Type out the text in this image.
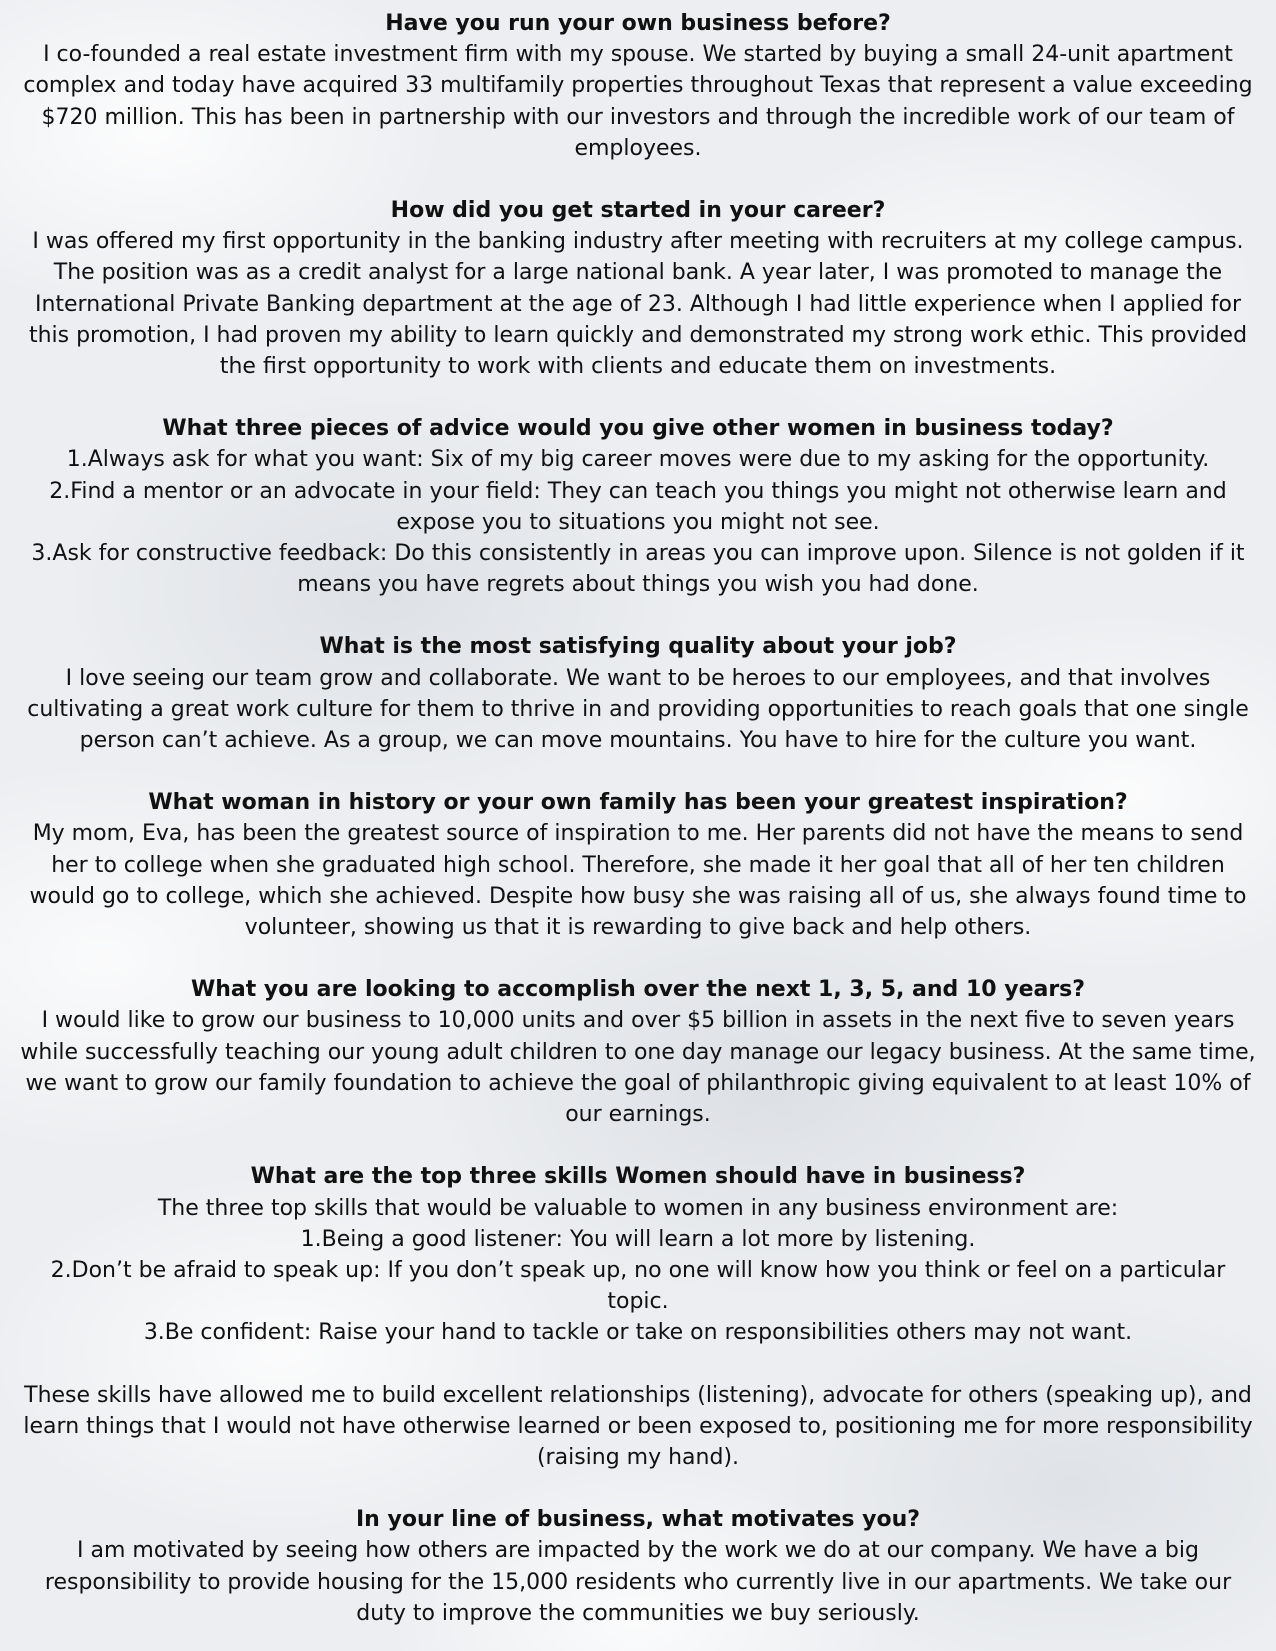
Have you run your own business before?
I co-founded a real estate investment firm with my spouse. We started by buying a small 24-unit apartment
complex and today have acquired 33 multifamily properties throughout Texas that represent a value exceeding
$720 million. This has been in partnership with our investors and through the incredible work of our team of
employees.
How did you get started in your career?
I was offered my first opportunity in the banking industry after meeting with recruiters at my college campus.
The position was as a credit analyst for a large national bank. A year later, I was promoted to manage the
International Private Banking department at the age of 23. Although I had little experience when I applied for
this promotion, I had proven my ability to learn quickly and demonstrated my strong work ethic. This provided
the first opportunity to work with clients and educate them on investments.
What three pieces of advice would you give other women in business today?
1.Always ask for what you want: Six of my big career moves were due to my asking for the opportunity.
2.Find a mentor or an advocate in your field: They can teach you things you might not otherwise learn and
expose you to situations you might not see.
3.Ask for constructive feedback: Do this consistently in areas you can improve upon. Silence is not golden if it
means you have regrets about things you wish you had done.
What is the most satisfying quality about your job?
I love seeing our team grow and collaborate. We want to be heroes to our employees, and that involves
cultivating a great work culture for them to thrive in and providing opportunities to reach goals that one single
person can’t achieve. As a group, we can move mountains. You have to hire for the culture you want.
What woman in history or your own family has been your greatest inspiration?
My mom, Eva, has been the greatest source of inspiration to me. Her parents did not have the means to send
her to college when she graduated high school. Therefore, she made it her goal that all of her ten children
would go to college, which she achieved. Despite how busy she was raising all of us, she always found time to
volunteer, showing us that it is rewarding to give back and help others.
What you are looking to accomplish over the next 1, 3, 5, and 10 years?
I would like to grow our business to 10,000 units and over $5 billion in assets in the next five to seven years
while successfully teaching our young adult children to one day manage our legacy business. At the same time,
we want to grow our family foundation to achieve the goal of philanthropic giving equivalent to at least 10% of
our earnings.
What are the top three skills Women should have in business?
The three top skills that would be valuable to women in any business environment are:
1.Being a good listener: You will learn a lot more by listening.
2.Don’t be afraid to speak up: If you don’t speak up, no one will know how you think or feel on a particular
topic.
3.Be confident: Raise your hand to tackle or take on responsibilities others may not want.
These skills have allowed me to build excellent relationships (listening), advocate for others (speaking up), and
learn things that I would not have otherwise learned or been exposed to, positioning me for more responsibility
(raising my hand).
In your line of business, what motivates you?
I am motivated by seeing how others are impacted by the work we do at our company. We have a big
responsibility to provide housing for the 15,000 residents who currently live in our apartments. We take our
duty to improve the communities we buy seriously.
